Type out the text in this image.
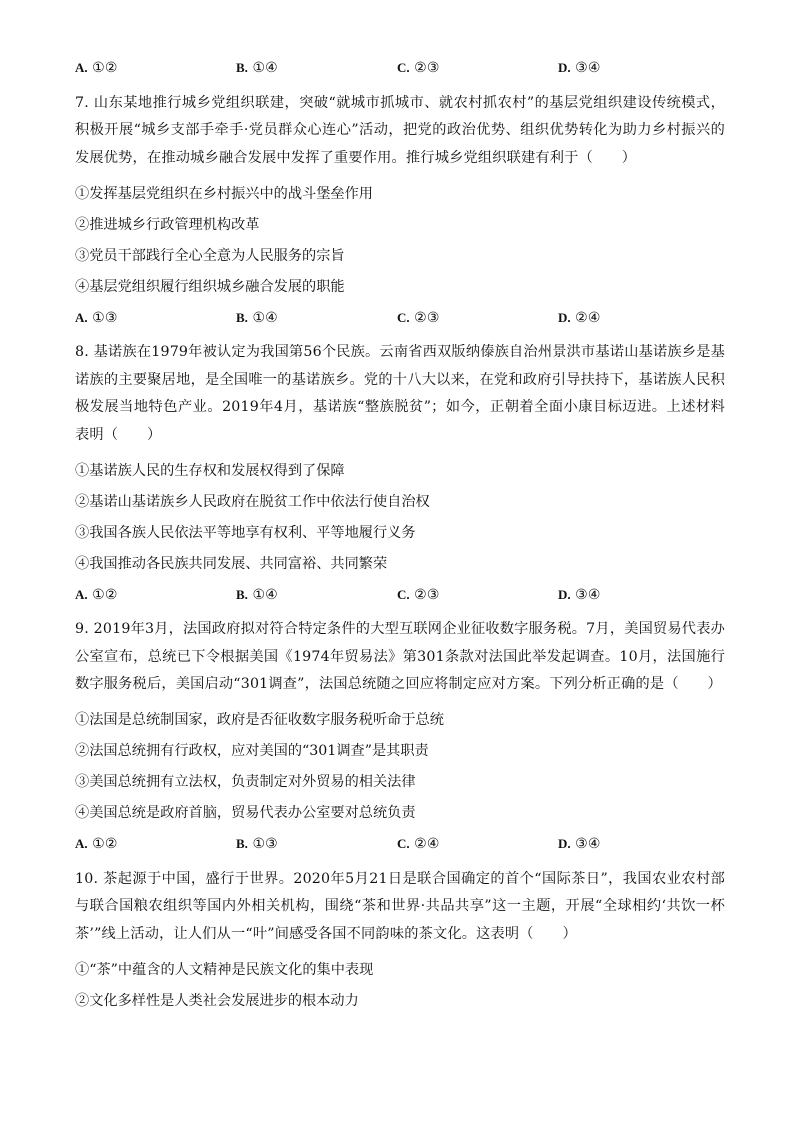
A. ①②	B. ①④	C. ②③	D. ③④

7. 山东某地推行城乡党组织联建，突破“就城市抓城市、就农村抓农村”的基层党组织建设传统模式，积极开展“城乡支部手牵手·党员群众心连心”活动，把党的政治优势、组织优势转化为助力乡村振兴的发展优势，在推动城乡融合发展中发挥了重要作用。推行城乡党组织联建有利于（　　）

①发挥基层党组织在乡村振兴中的战斗堡垒作用
②推进城乡行政管理机构改革
③党员干部践行全心全意为人民服务的宗旨
④基层党组织履行组织城乡融合发展的职能
A. ①③	B. ①④	C. ②③	D. ②④

8. 基诺族在1979年被认定为我国第56个民族。云南省西双版纳傣族自治州景洪市基诺山基诺族乡是基诺族的主要聚居地，是全国唯一的基诺族乡。党的十八大以来，在党和政府引导扶持下，基诺族人民积极发展当地特色产业。2019年4月，基诺族“整族脱贫”；如今，正朝着全面小康目标迈进。上述材料表明（　　）

①基诺族人民的生存权和发展权得到了保障
②基诺山基诺族乡人民政府在脱贫工作中依法行使自治权
③我国各族人民依法平等地享有权利、平等地履行义务
④我国推动各民族共同发展、共同富裕、共同繁荣
A. ①②	B. ①④	C. ②③	D. ③④

9. 2019年3月，法国政府拟对符合特定条件的大型互联网企业征收数字服务税。7月，美国贸易代表办公室宣布，总统已下令根据美国《1974年贸易法》第301条款对法国此举发起调查。10月，法国施行数字服务税后，美国启动“301调查”，法国总统随之回应将制定应对方案。下列分析正确的是（　　）

①法国是总统制国家，政府是否征收数字服务税听命于总统
②法国总统拥有行政权，应对美国的“301调查”是其职责
③美国总统拥有立法权，负责制定对外贸易的相关法律
④美国总统是政府首脑，贸易代表办公室要对总统负责
A. ①②	B. ①③	C. ②④	D. ③④

10. 茶起源于中国，盛行于世界。2020年5月21日是联合国确定的首个“国际茶日”，我国农业农村部与联合国粮农组织等国内外相关机构，围绕“茶和世界·共品共享”这一主题，开展“全球相约‘共饮一杯茶’”线上活动，让人们从一“叶”间感受各国不同韵味的茶文化。这表明（　　）

①“茶”中蕴含的人文精神是民族文化的集中表现
②文化多样性是人类社会发展进步的根本动力
